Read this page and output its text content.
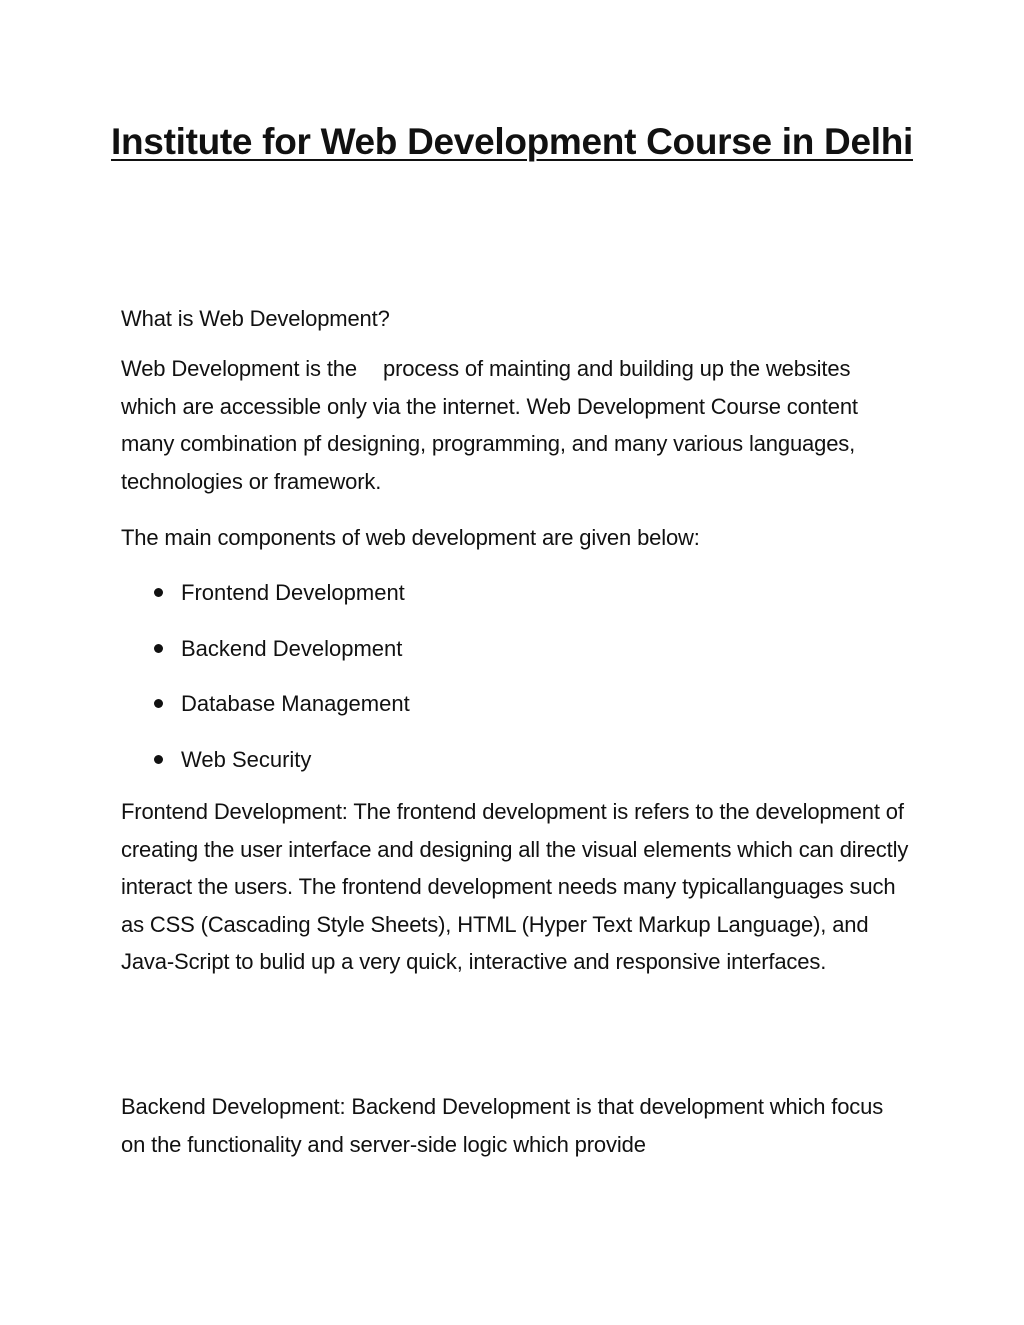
Institute for Web Development Course in Delhi

What is Web Development?

Web Development is the process of mainting and building up the websites which are accessible only via the internet. Web Development Course content many combination pf designing, programming, and many various languages, technologies or framework.

The main components of web development are given below:

Frontend Development
Backend Development
Database Management
Web Security

Frontend Development: The frontend development is refers to the development of creating the user interface and designing all the visual elements which can directly interact the users. The frontend development needs many typicallanguages such as CSS (Cascading Style Sheets), HTML (Hyper Text Markup Language), and Java-Script to bulid up a very quick, interactive and responsive interfaces.

Backend Development: Backend Development is that development which focus on the functionality and server-side logic which provide
